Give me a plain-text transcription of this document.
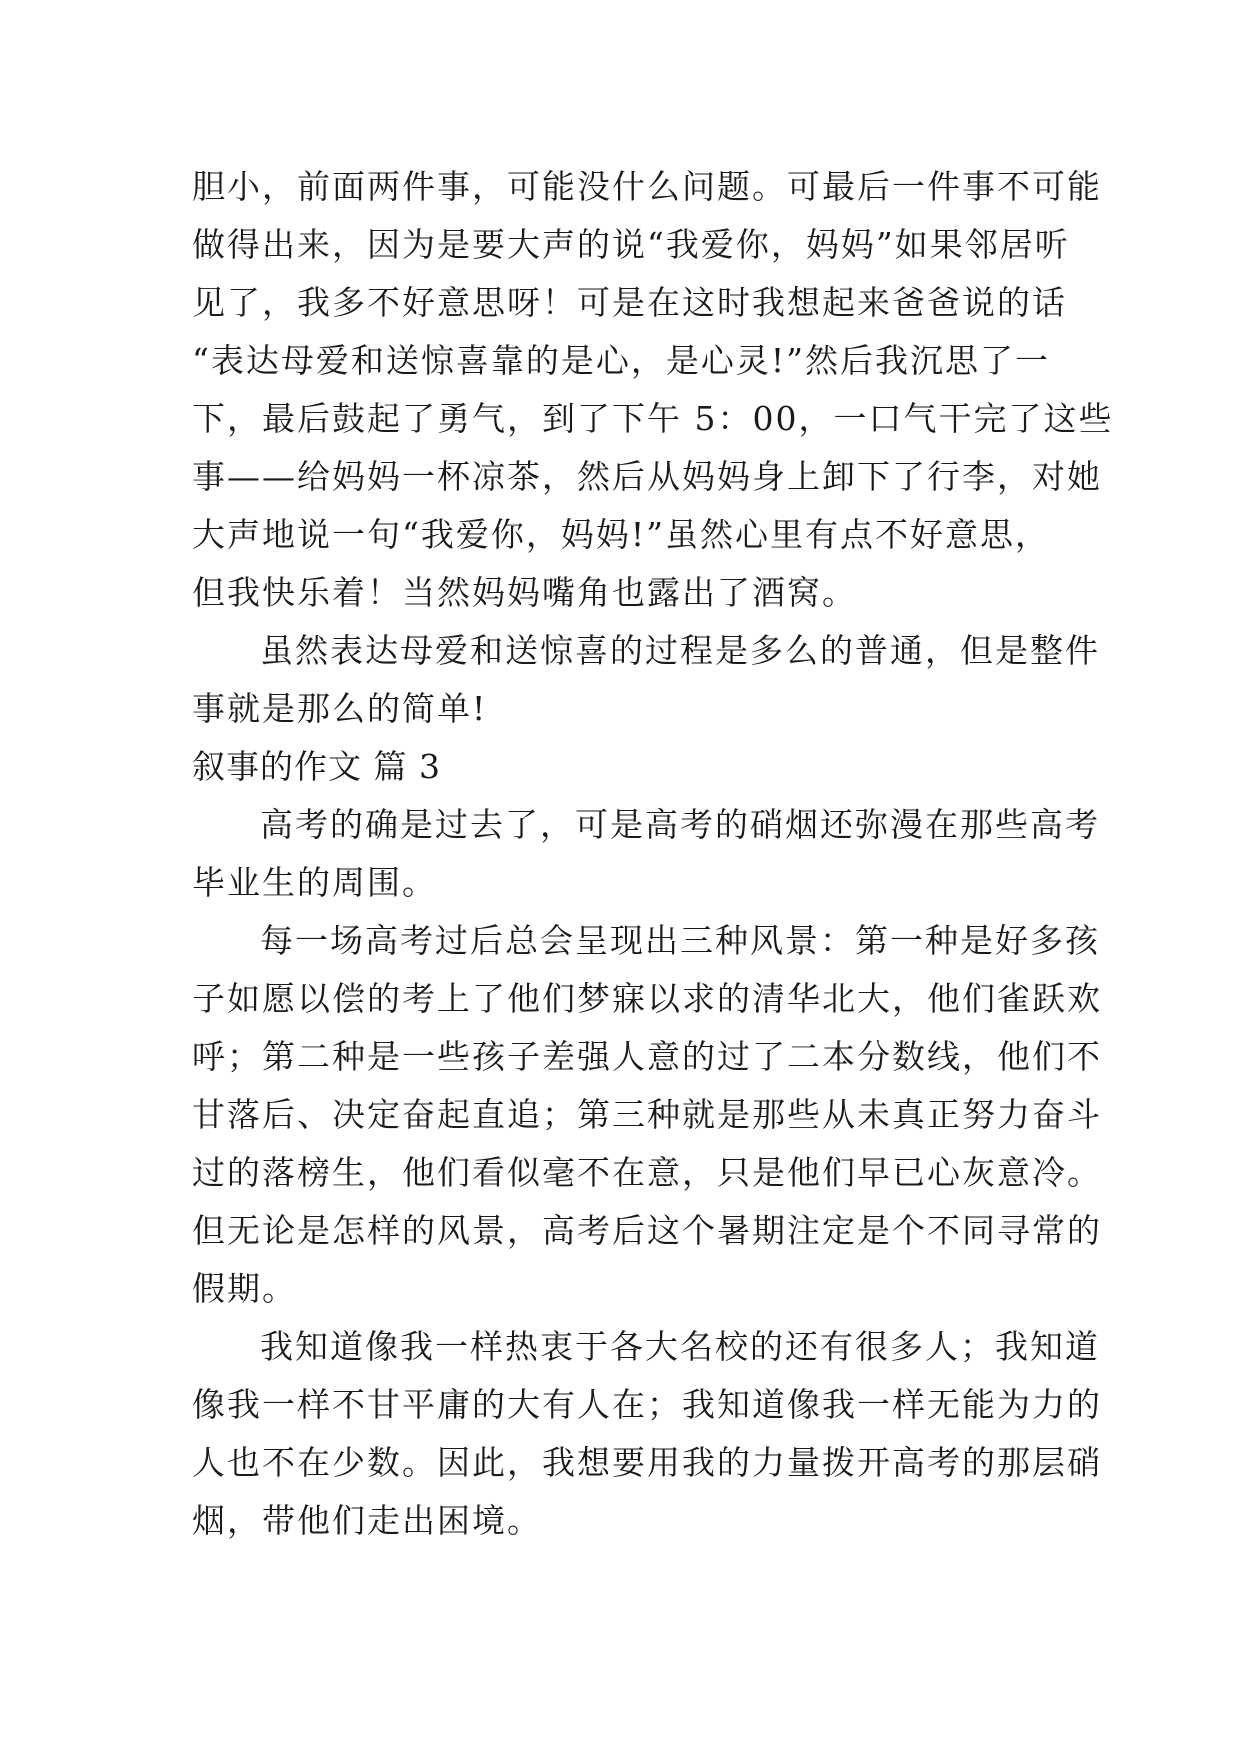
胆小，前面两件事，可能没什么问题。可最后一件事不可能
做得出来，因为是要大声的说“我爱你，妈妈”如果邻居听
见了，我多不好意思呀！可是在这时我想起来爸爸说的话
“表达母爱和送惊喜靠的是心，是心灵!”然后我沉思了一
下，最后鼓起了勇气，到了下午 5：00，一口气干完了这些
事——给妈妈一杯凉茶，然后从妈妈身上卸下了行李，对她
大声地说一句“我爱你，妈妈!”虽然心里有点不好意思，
但我快乐着！当然妈妈嘴角也露出了酒窝。
虽然表达母爱和送惊喜的过程是多么的普通，但是整件
事就是那么的简单!
叙事的作文 篇 3
高考的确是过去了，可是高考的硝烟还弥漫在那些高考
毕业生的周围。
每一场高考过后总会呈现出三种风景：第一种是好多孩
子如愿以偿的考上了他们梦寐以求的清华北大，他们雀跃欢
呼；第二种是一些孩子差强人意的过了二本分数线，他们不
甘落后、决定奋起直追；第三种就是那些从未真正努力奋斗
过的落榜生，他们看似毫不在意，只是他们早已心灰意冷。
但无论是怎样的风景，高考后这个暑期注定是个不同寻常的
假期。
我知道像我一样热衷于各大名校的还有很多人；我知道
像我一样不甘平庸的大有人在；我知道像我一样无能为力的
人也不在少数。因此，我想要用我的力量拨开高考的那层硝
烟，带他们走出困境。
